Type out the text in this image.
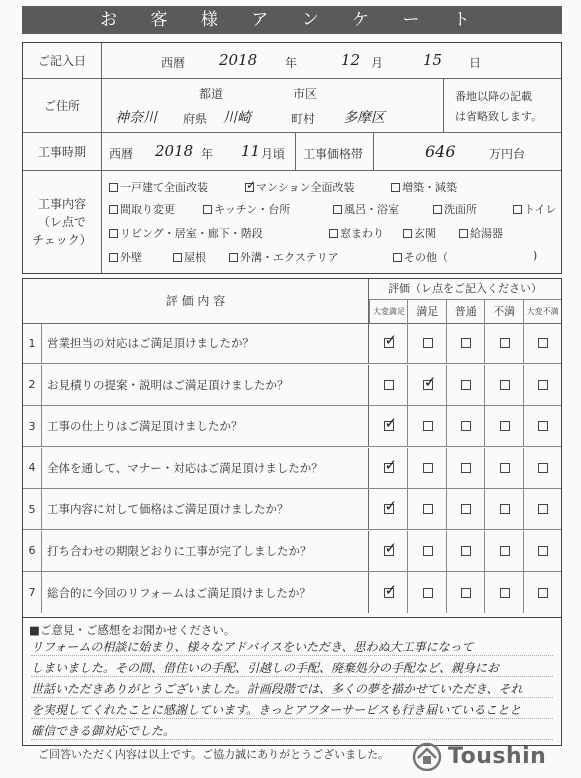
お 客 様 ア ン ケ ー ト
ご記入日	西暦 2018 年	12 月	15 日
ご住所
都道	市区
神奈川 府県 川崎	町村 多摩区
番地以降の記載
は省略致します。
工事時期	西暦 2018 年 11 月頃 工事価格帯	646	万円台
工事内容
（レ点で
チェック）
一戸建て全面改装
✓	マンション全面改装	増築・減築
間取り変更	キッチン・台所	風呂・浴室	洗面所	トイレ
リビング・居室・廊下・階段	窓まわり	玄関	給湯器
外壁	屋根	外溝・エクステリア	その他（	)
評 価 内 容
評価（レ点をご記入ください）
大変満足	満足	普通	不満	大変不満
1	営業担当の対応はご満足頂けましたか？
✓
2	お見積りの提案・説明はご満足頂けましたか？
✓
3	工事の仕上りはご満足頂けましたか？
✓
4	全体を通して、マナー・対応はご満足頂けましたか？
✓
5	工事内容に対して価格はご満足頂けましたか？
✓
6	打ち合わせの期限どおりに工事が完了しましたか？
✓
7	総合的に今回のリフォームはご満足頂けましたか？
✓
■ご意見・ご感想をお聞かせください。
リフォームの相談に始まり、様々なアドバイスをいただき、思わぬ大工事になって
しまいました。その間、借住いの手配、引越しの手配、廃棄処分の手配など、親身にお
世話いただきありがとうございました。計画段階では、多くの夢を描かせていただき、それ
を実現してくれたことに感謝しています。きっとアフターサービスも行き届いていることと
確信できる御対応でした。
ご回答いただく内容は以上です。ご協力誠にありがとうございました。	Toushin
